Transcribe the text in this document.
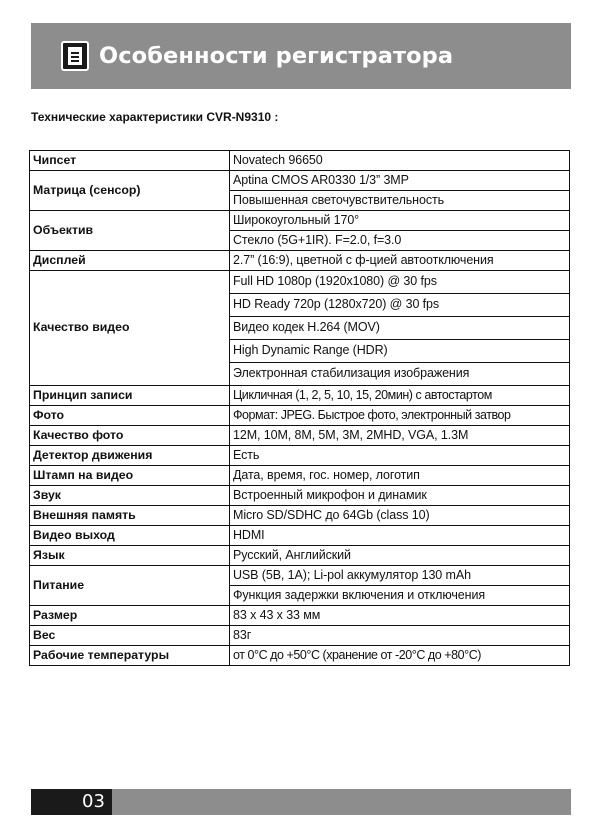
Особенности регистратора
Технические характеристики CVR-N9310 :
Чипсет	Novatech 96650
Матрица (сенсор)	Aptina CMOS AR0330 1/3” 3MP
	Повышенная светочувствительность
Объектив	Широкоугольный 170°
	Стекло (5G+1IR). F=2.0, f=3.0
Дисплей	2.7” (16:9), цветной с ф-цией автоотключения
Качество видео	Full HD 1080p (1920x1080) @ 30 fps
	HD Ready 720p (1280x720) @ 30 fps
	Видео кодек H.264 (MOV)
	High Dynamic Range (HDR)
	Электронная стабилизация изображения
Принцип записи	Цикличная (1, 2, 5, 10, 15, 20мин) с автостартом
Фото	Формат: JPEG. Быстрое фото, электронный затвор
Качество фото	12M, 10M, 8M, 5M, 3M, 2MHD, VGA, 1.3M
Детектор движения	Есть
Штамп на видео	Дата, время, гос. номер, логотип
Звук	Встроенный микрофон и динамик
Внешняя память	Micro SD/SDHC до 64Gb (class 10)
Видео выход	HDMI
Язык	Русский, Английский
Питание	USB (5В, 1А); Li-pol аккумулятор 130 mAh
	Функция задержки включения и отключения
Размер	83 x 43 x 33 мм
Вес	83г
Рабочие температуры	от 0°С до +50°С (хранение от -20°С до +80°С)
03
